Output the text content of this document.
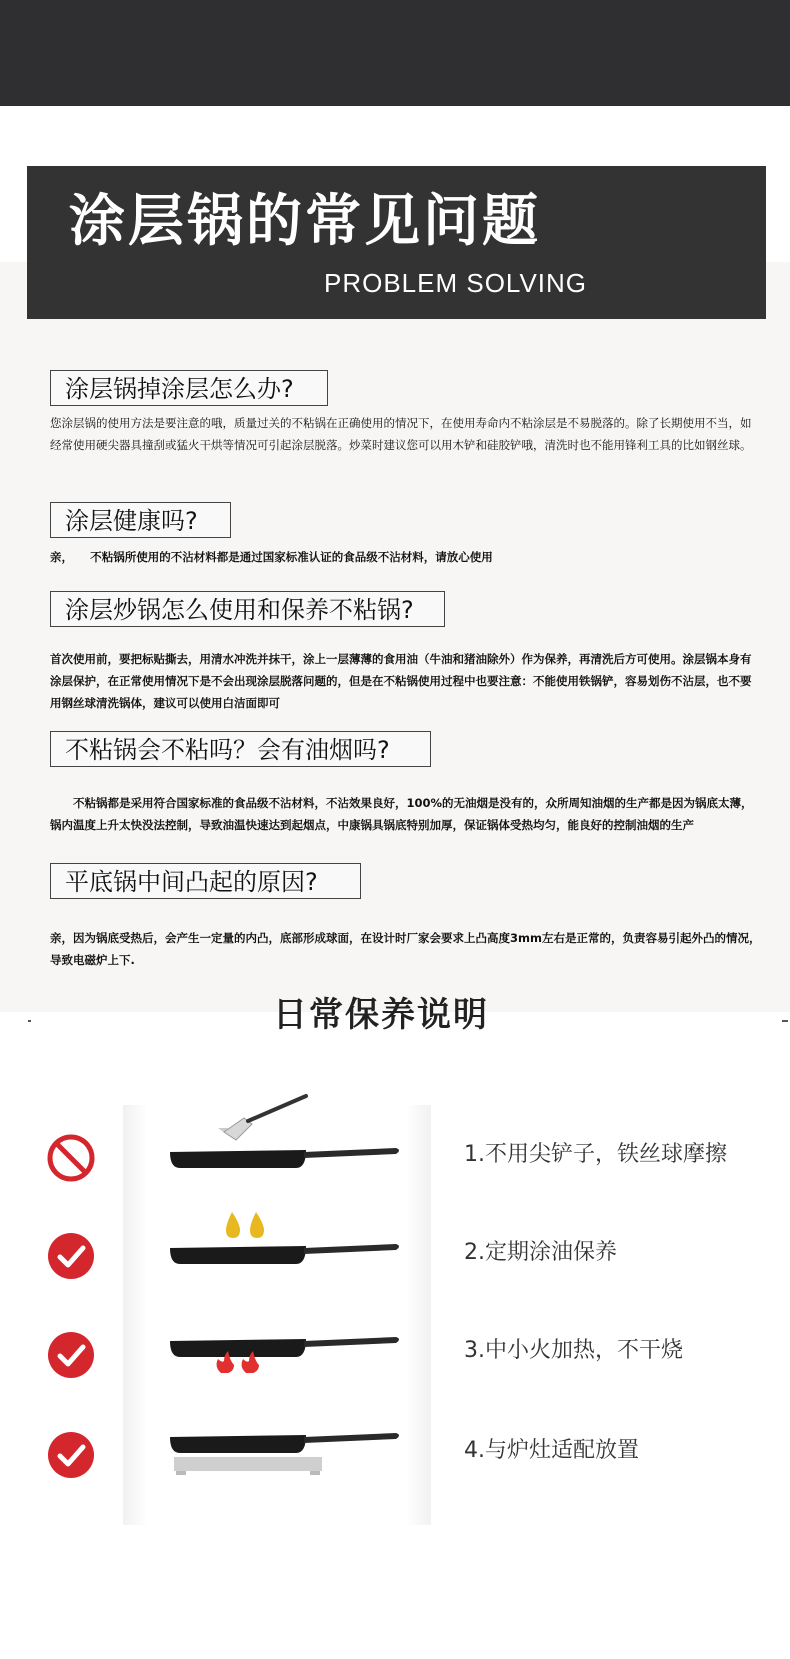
涂层锅的常见问题
PROBLEM SOLVING
涂层锅掉涂层怎么办?
您涂层锅的使用方法是要注意的哦，质量过关的不粘锅在正确使用的情况下，在使用寿命内不粘涂层是不易脱落的。除了长期使用不当，如经常使用硬尖器具撞刮或猛火干烘等情况可引起涂层脱落。炒菜时建议您可以用木铲和硅胶铲哦，清洗时也不能用锋利工具的比如钢丝球。
涂层健康吗?
亲，　　不粘锅所使用的不沾材料都是通过国家标准认证的食品级不沾材料，请放心使用
涂层炒锅怎么使用和保养不粘锅?
首次使用前，要把标贴撕去，用清水冲洗并抹干，涂上一层薄薄的食用油（牛油和猪油除外）作为保养，再清洗后方可使用。涂层锅本身有涂层保护，在正常使用情况下是不会出现涂层脱落问题的，但是在不粘锅使用过程中也要注意：不能使用铁锅铲，容易划伤不沾层，也不要用钢丝球清洗锅体，建议可以使用白洁面即可
不粘锅会不粘吗？会有油烟吗?
　　不粘锅都是采用符合国家标准的食品级不沾材料，不沾效果良好，100%的无油烟是没有的，众所周知油烟的生产都是因为锅底太薄，锅内温度上升太快没法控制，导致油温快速达到起烟点，中康锅具锅底特别加厚，保证锅体受热均匀，能良好的控制油烟的生产
平底锅中间凸起的原因?
亲，因为锅底受热后，会产生一定量的内凸，底部形成球面，在设计时厂家会要求上凸高度3mm左右是正常的，负责容易引起外凸的情况，导致电磁炉上下.
日常保养说明
1.不用尖铲子，铁丝球摩擦
2.定期涂油保养
3.中小火加热，不干烧
4.与炉灶适配放置
